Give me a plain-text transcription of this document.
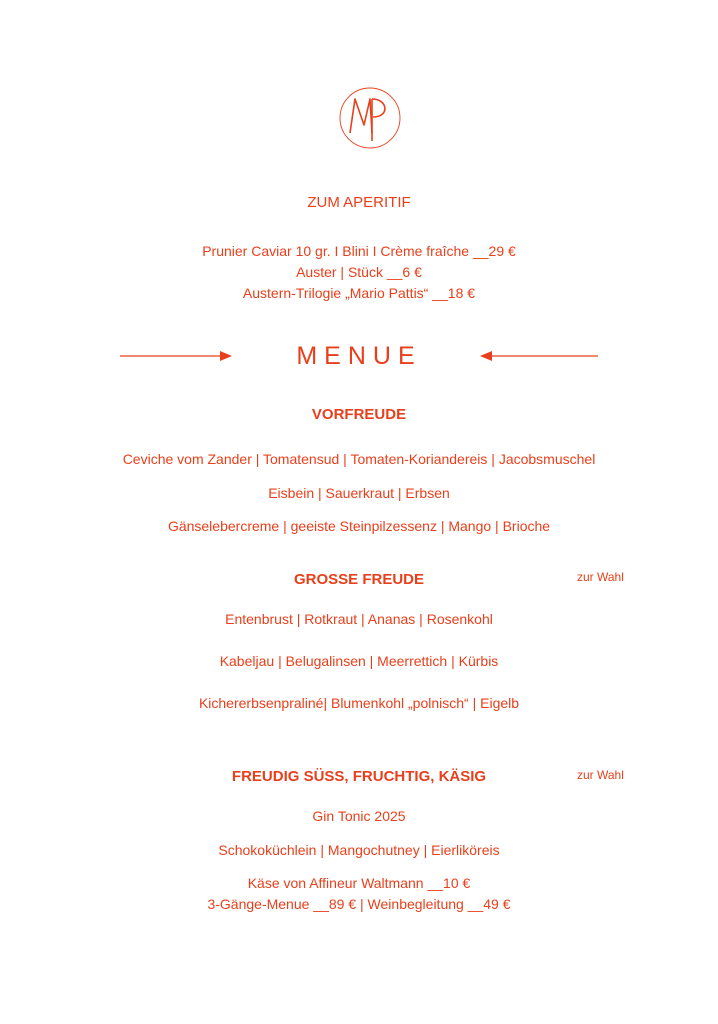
ZUM APERITIF
Prunier Caviar 10 gr. I Blini I Crème fraîche __29 €
Auster | Stück __6 €
Austern-Trilogie „Mario Pattis“ __18 €
MENUE
VORFREUDE
Ceviche vom Zander | Tomatensud | Tomaten-Koriandereis | Jacobsmuschel
Eisbein | Sauerkraut | Erbsen
Gänselebercreme | geeiste Steinpilzessenz | Mango | Brioche
GROSSE FREUDE	zur Wahl
Entenbrust | Rotkraut | Ananas | Rosenkohl
Kabeljau | Belugalinsen | Meerrettich | Kürbis
Kichererbsenpraliné| Blumenkohl „polnisch“ | Eigelb
FREUDIG SÜSS, FRUCHTIG, KÄSIG	zur Wahl
Gin Tonic 2025
Schokoküchlein | Mangochutney | Eierlikörеis
Käse von Affineur Waltmann __10 €
3-Gänge-Menue __89 € | Weinbegleitung __49 €
